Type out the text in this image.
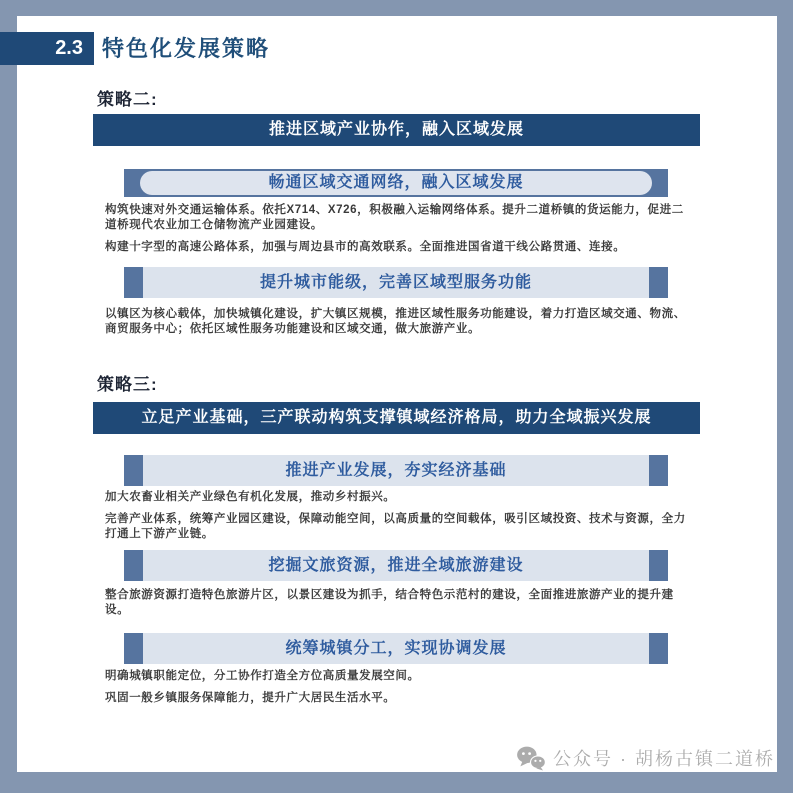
2.3 特色化发展策略
策略二:
推进区域产业协作，融入区域发展
畅通区域交通网络，融入区域发展

构筑快速对外交通运输体系。依托X714、X726，积极融入运输网络体系。提升二道桥镇的货运能力，促进二道桥现代农业加工仓储物流产业园建设。

构建十字型的高速公路体系，加强与周边县市的高效联系。全面推进国省道干线公路贯通、连接。

提升城市能级，完善区域型服务功能

以镇区为核心载体，加快城镇化建设，扩大镇区规模，推进区域性服务功能建设，着力打造区域交通、物流、商贸服务中心；依托区域性服务功能建设和区域交通，做大旅游产业。

策略三:
立足产业基础，三产联动构筑支撑镇域经济格局，助力全域振兴发展
推进产业发展，夯实经济基础

加大农畜业相关产业绿色有机化发展，推动乡村振兴。

完善产业体系，统筹产业园区建设，保障动能空间，以高质量的空间载体，吸引区域投资、技术与资源，全力打通上下游产业链。

挖掘文旅资源，推进全域旅游建设

整合旅游资源打造特色旅游片区，以景区建设为抓手，结合特色示范村的建设，全面推进旅游产业的提升建设。

统筹城镇分工，实现协调发展

明确城镇职能定位，分工协作打造全方位高质量发展空间。

巩固一般乡镇服务保障能力，提升广大居民生活水平。

公众号 · 胡杨古镇二道桥
